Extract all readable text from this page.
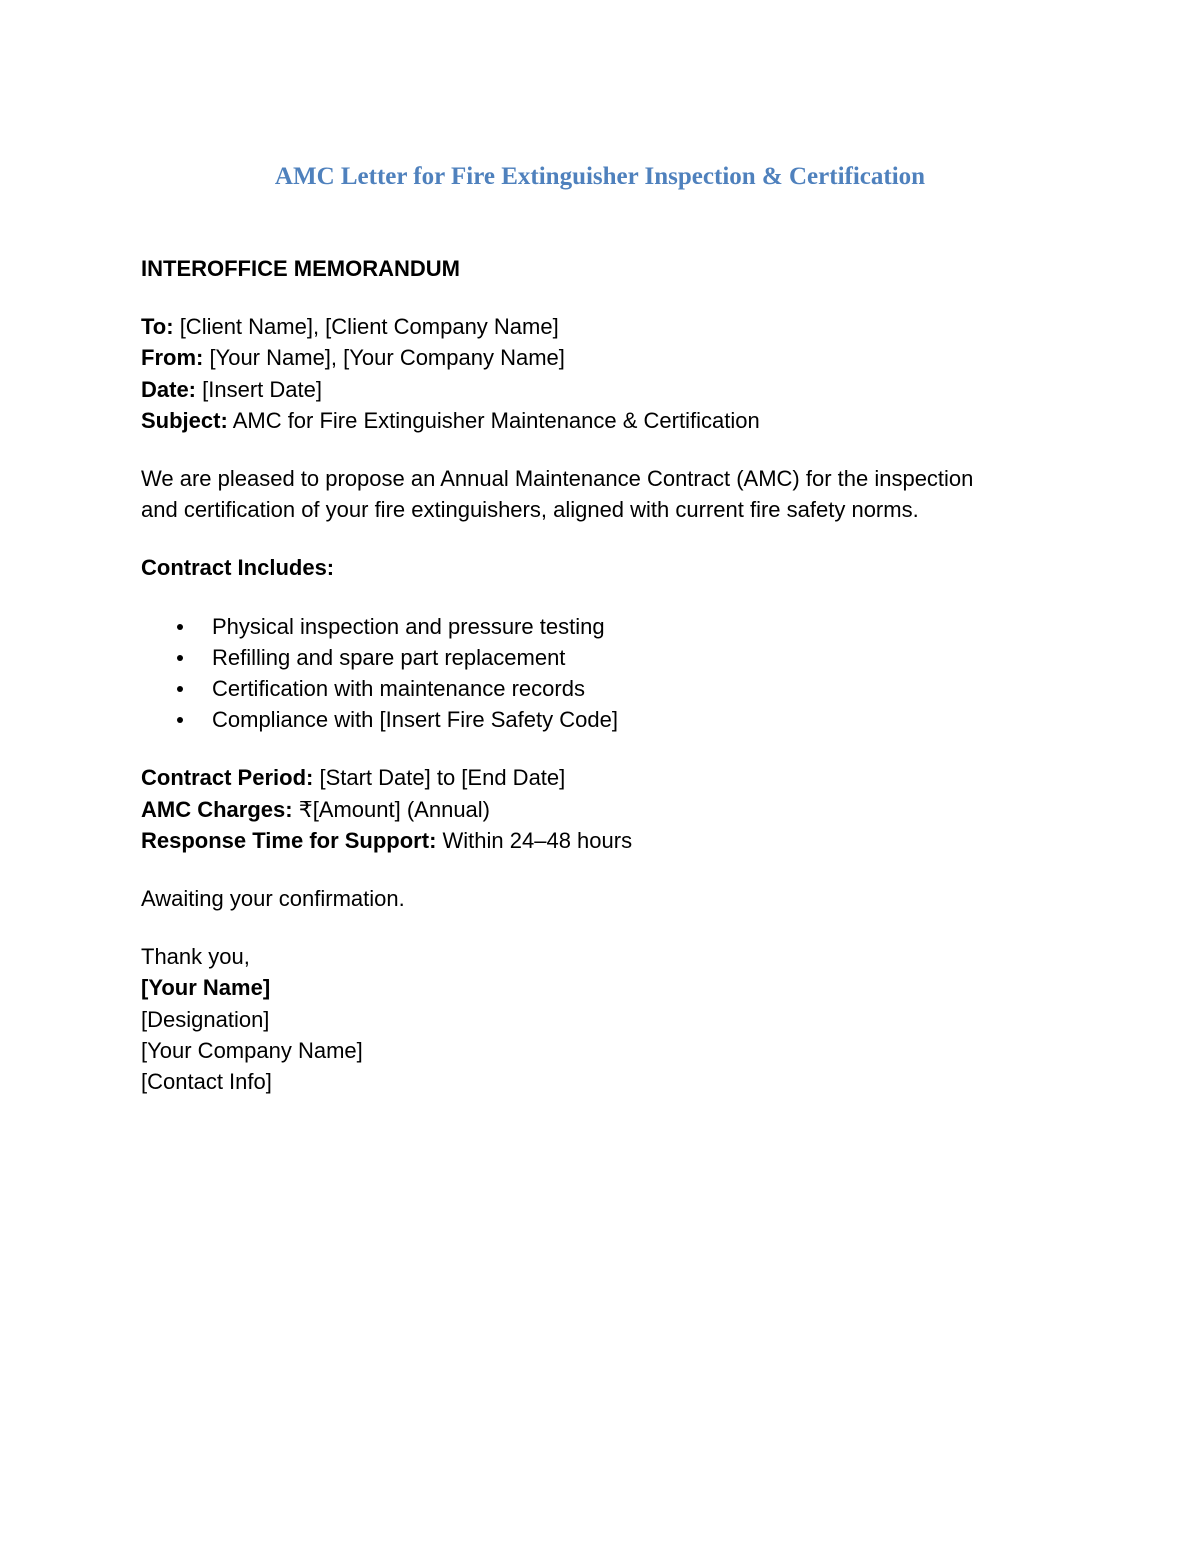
AMC Letter for Fire Extinguisher Inspection & Certification
INTEROFFICE MEMORANDUM
To: [Client Name], [Client Company Name]
From: [Your Name], [Your Company Name]
Date: [Insert Date]
Subject: AMC for Fire Extinguisher Maintenance & Certification
We are pleased to propose an Annual Maintenance Contract (AMC) for the inspection
and certification of your fire extinguishers, aligned with current fire safety norms.
Contract Includes:
Physical inspection and pressure testing
Refilling and spare part replacement
Certification with maintenance records
Compliance with [Insert Fire Safety Code]
Contract Period: [Start Date] to [End Date]
AMC Charges: ₹[Amount] (Annual)
Response Time for Support: Within 24–48 hours
Awaiting your confirmation.
Thank you,
[Your Name]
[Designation]
[Your Company Name]
[Contact Info]
